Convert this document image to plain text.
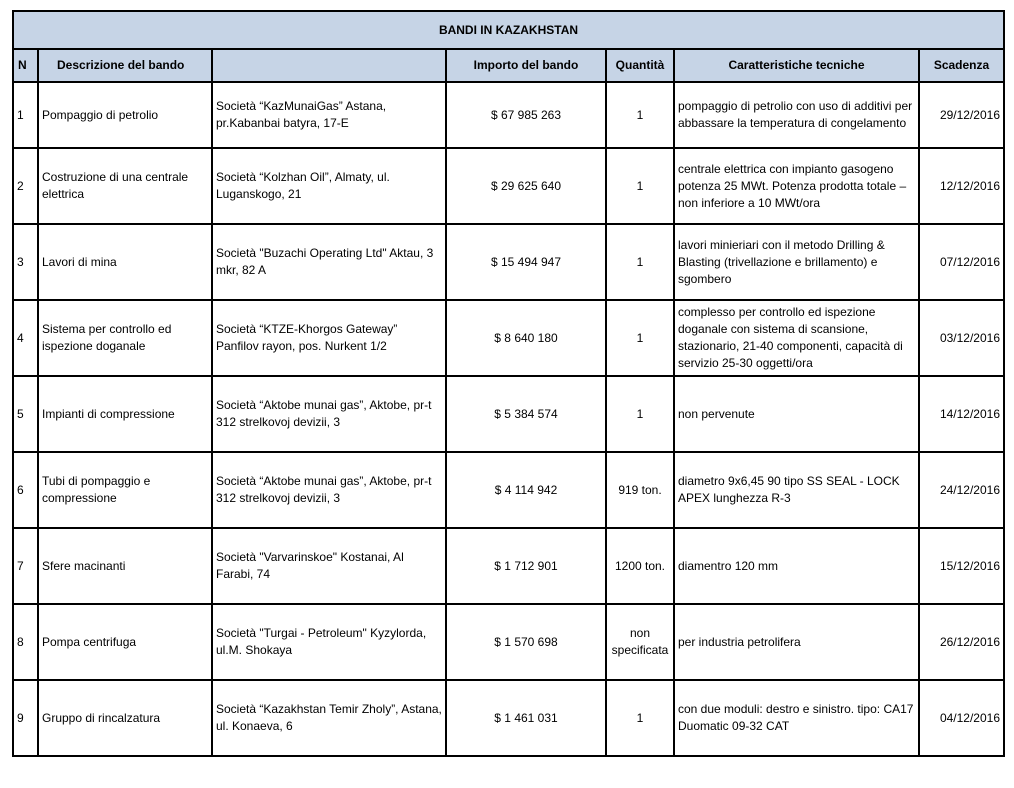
BANDI IN KAZAKHSTAN						
N	Descrizione del bando		Importo del bando	Quantità	Caratteristiche tecniche	Scadenza
1	Pompaggio di petrolio	Società “KazMunaiGas” Astana, pr.Kabanbai batyra, 17-E	$ 67 985 263	1	pompaggio di petrolio con uso di additivi per abbassare la temperatura di congelamento	29/12/2016
2	Costruzione di una centrale elettrica	Società “Kolzhan Oil”, Almaty, ul. Luganskogo, 21	$ 29 625 640	1	centrale elettrica con impianto gasogeno potenza 25 MWt. Potenza prodotta totale – non inferiore a 10 MWt/ora	12/12/2016
3	Lavori di mina	Società "Buzachi Operating Ltd" Aktau, 3 mkr, 82 A	$ 15 494 947	1	lavori minieriari con il metodo Drilling & Blasting (trivellazione e brillamento) e sgombero	07/12/2016
4	Sistema per controllo ed ispezione doganale	Società “KTZE-Khorgos Gateway” Panfilov rayon, pos. Nurkent 1/2	$ 8 640 180	1	complesso per controllo ed ispezione doganale con sistema di scansione, stazionario, 21-40 componenti, capacità di servizio 25-30 oggetti/ora	03/12/2016
5	Impianti di compressione	Società “Aktobe munai gas”, Aktobe, pr-t 312 strelkovoj devizii, 3	$ 5 384 574	1	non pervenute	14/12/2016
6	Tubi di pompaggio e compressione	Società “Aktobe munai gas”, Aktobe, pr-t 312 strelkovoj devizii, 3	$ 4 114 942	919 ton.	diametro 9x6,45 90 tipo SS SEAL - LOCK APEX lunghezza R-3	24/12/2016
7	Sfere macinanti	Società "Varvarinskoe" Kostanai, Al Farabi, 74	$ 1 712 901	1200 ton.	diamentro 120 mm	15/12/2016
8	Pompa centrifuga	Società "Turgai - Petroleum" Kyzylorda, ul.M. Shokaya	$ 1 570 698	non specificata	per industria petrolifera	26/12/2016
9	Gruppo di rincalzatura	Società “Kazakhstan Temir Zholy”, Astana, ul. Konaeva, 6	$ 1 461 031	1	con due moduli: destro e sinistro. tipo: CA17 Duomatic 09-32 CAT	04/12/2016
